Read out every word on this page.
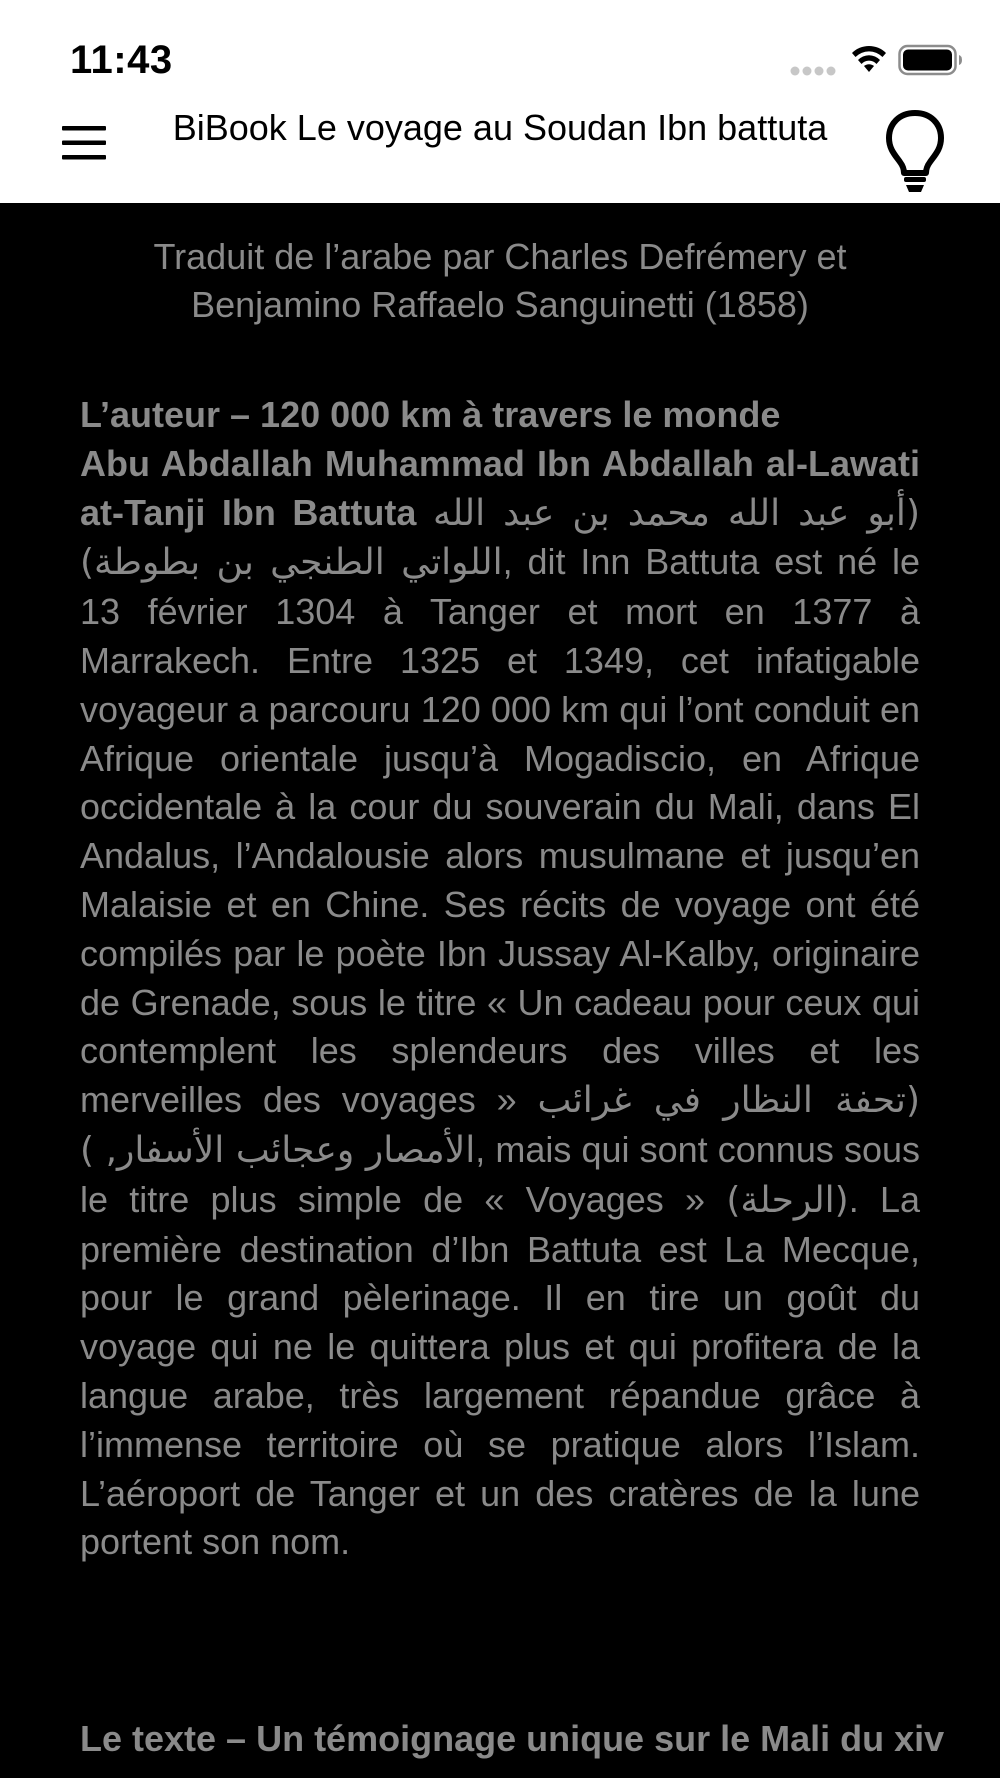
11:43
BiBook Le voyage au Soudan Ibn battuta
Traduit de l’arabe par Charles Defrémery et Benjamino Raffaelo Sanguinetti (1858)
L’auteur – 120 000 km à travers le monde
Abu Abdallah Muhammad Ibn Abdallah al-Lawati at-Tanji Ibn Battuta (أبو عبد الله محمد بن عبد الله اللواتي الطنجي بن بطوطة), dit Inn Battuta est né le 13 février 1304 à Tanger et mort en 1377 à Marrakech. Entre 1325 et 1349, cet infatigable voyageur a parcouru 120 000 km qui l’ont conduit en Afrique orientale jusqu’à Mogadiscio, en Afrique occidentale à la cour du souverain du Mali, dans El Andalus, l’Andalousie alors musulmane et jusqu’en Malaisie et en Chine. Ses récits de voyage ont été compilés par le poète Ibn Jussay Al-Kalby, originaire de Grenade, sous le titre « Un cadeau pour ceux qui contemplent les splendeurs des villes et les merveilles des voyages » (تحفة النظار في غرائب الأمصار وعجائب الأسفار, ), mais qui sont connus sous le titre plus simple de « Voyages » (الرحلة). La première destination d’Ibn Battuta est La Mecque, pour le grand pèlerinage. Il en tire un goût du voyage qui ne le quittera plus et qui profitera de la langue arabe, très largement répandue grâce à l’immense territoire où se pratique alors l’Islam. L’aéroport de Tanger et un des cratères de la lune portent son nom.
Le texte – Un témoignage unique sur le Mali du xiv
